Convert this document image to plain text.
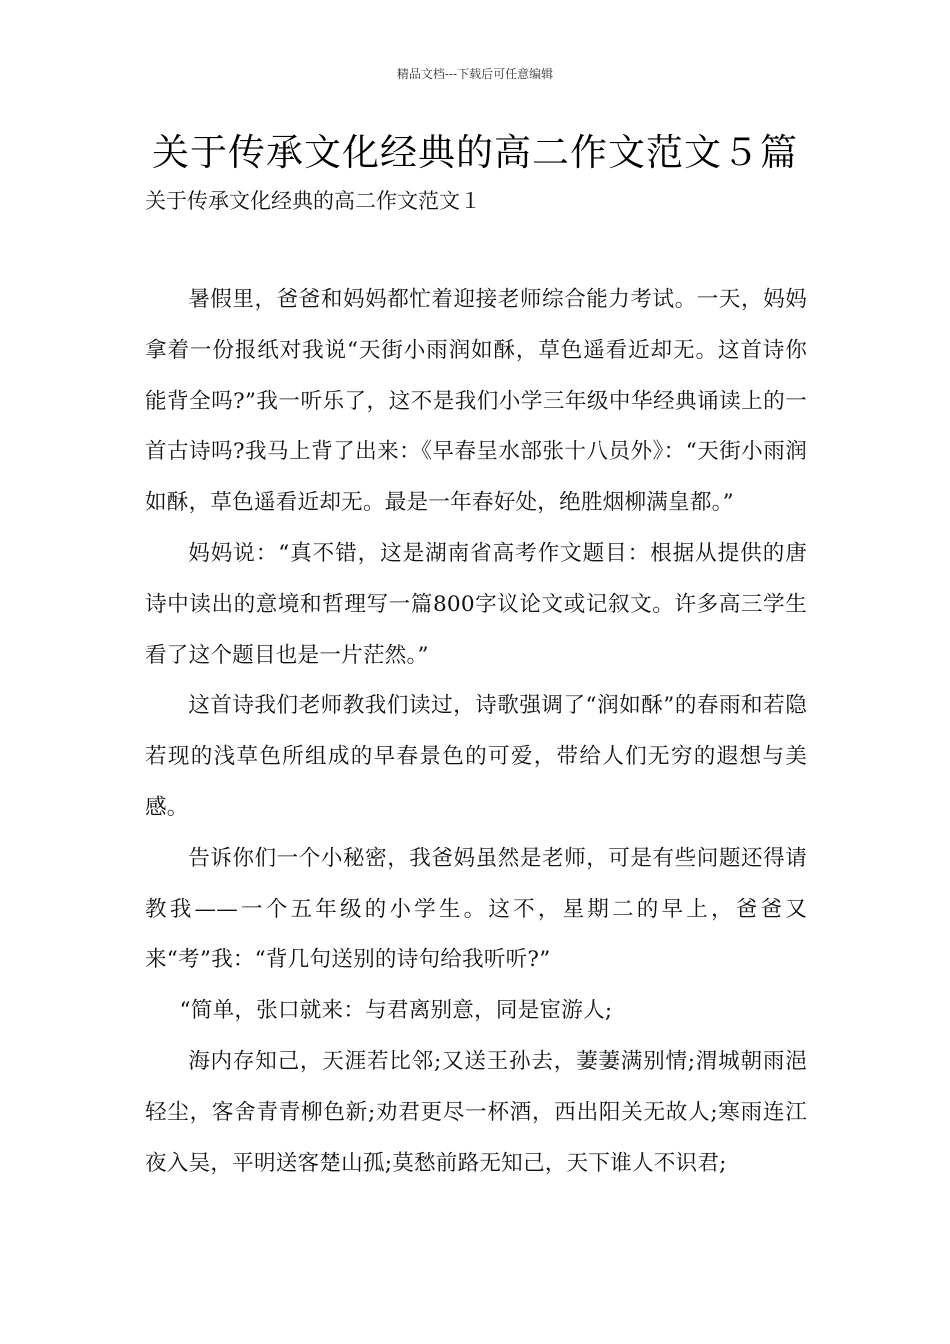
精品文档---下载后可任意编辑
关于传承文化经典的高二作文范文５篇
关于传承文化经典的高二作文范文１

暑假里，爸爸和妈妈都忙着迎接老师综合能力考试。一天，妈妈拿着一份报纸对我说“天街小雨润如酥，草色遥看近却无。这首诗你能背全吗?”我一听乐了，这不是我们小学三年级中华经典诵读上的一首古诗吗?我马上背了出来：《早春呈水部张十八员外》：“天街小雨润如酥，草色遥看近却无。最是一年春好处，绝胜烟柳满皇都。”

妈妈说：“真不错，这是湖南省高考作文题目：根据从提供的唐诗中读出的意境和哲理写一篇800字议论文或记叙文。许多高三学生看了这个题目也是一片茫然。”

这首诗我们老师教我们读过，诗歌强调了“润如酥”的春雨和若隐若现的浅草色所组成的早春景色的可爱，带给人们无穷的遐想与美感。

告诉你们一个小秘密，我爸妈虽然是老师，可是有些问题还得请教我——一个五年级的小学生。这不，星期二的早上，爸爸又来“考”我：“背几句送别的诗句给我听听?”

“简单，张口就来：与君离别意，同是宦游人;

海内存知己，天涯若比邻;又送王孙去，萋萋满别情;渭城朝雨浥轻尘，客舍青青柳色新;劝君更尽一杯酒，西出阳关无故人;寒雨连江夜入吴，平明送客楚山孤;莫愁前路无知己，天下谁人不识君;
